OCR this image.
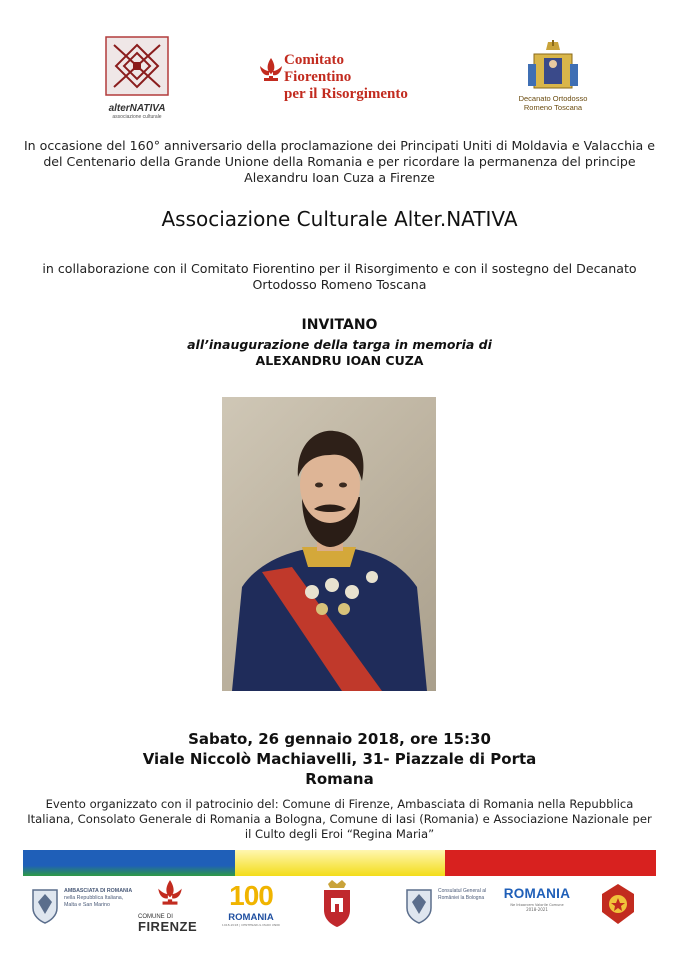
alterNATIVA
associazione culturale
Comitato Fiorentino
per il Risorgimento	Decanato Ortodosso
Romeno Toscana
In occasione del 160° anniversario della proclamazione dei Principati Uniti di Moldavia e Valacchia e del Centenario della Grande Unione della Romania e per ricordare la permanenza del principe Alexandru Ioan Cuza a Firenze
Associazione Culturale Alter.NATIVA
in collaborazione con il Comitato Fiorentino per il Risorgimento e con il sostegno del Decanato Ortodosso Romeno Toscana
INVITANO
all’inaugurazione della targa in memoria di
ALEXANDRU IOAN CUZA
Sabato, 26 gennaio 2018, ore 15:30
Viale Niccolò Machiavelli, 31- Piazzale di Porta
Romana
Evento organizzato con il patrocinio del: Comune di Firenze, Ambasciata di Romania nella Repubblica Italiana, Consolato Generale di Romania a Bologna, Comune di Iasi (Romania) e Associazione Nazionale per il Culto degli Eroi “Regina Maria”
AMBASCIATA DI ROMANIA
nella Repubblica Italiana,
Malta e San Marino
COMUNE DI
FIRENZE
100
ROMANIA
1918-2018 | CENTENARUL MARII UNIRI
Consulatul General al
României la Bologna ROMANIA
Ne întoarcem Valorile Comune
2018-2021
